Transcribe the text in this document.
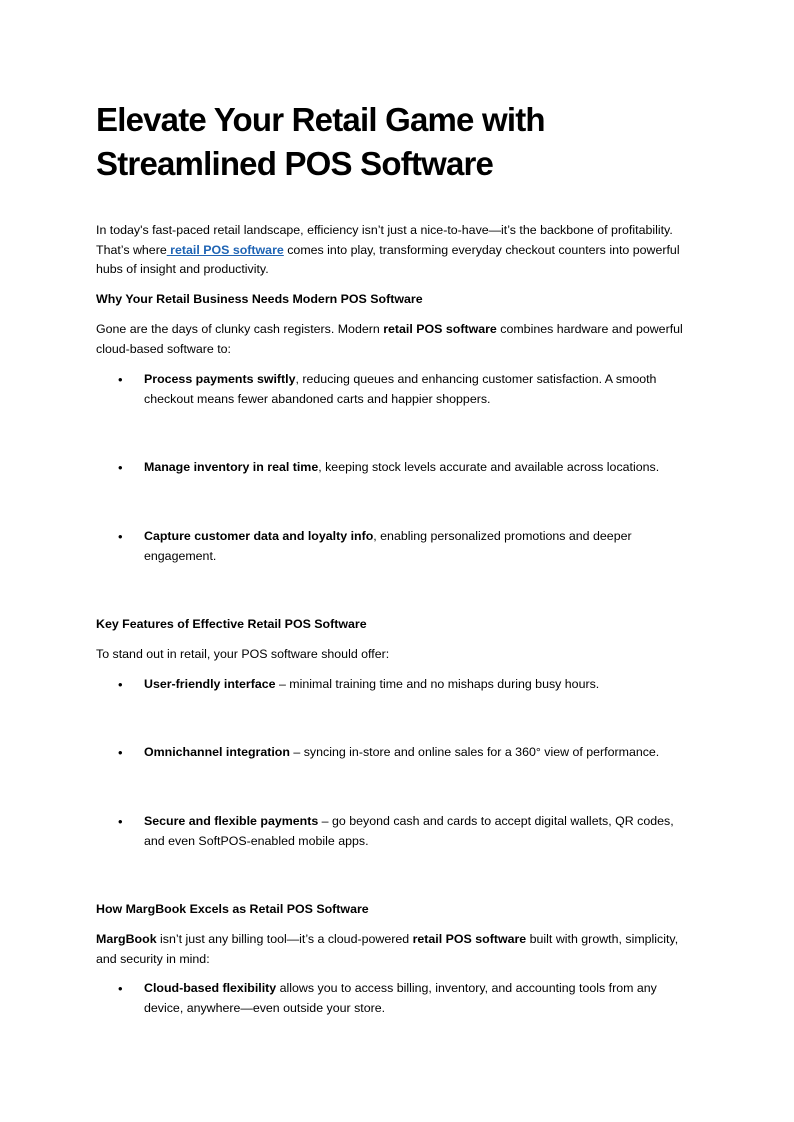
Elevate Your Retail Game with
Streamlined POS Software

In today's fast-paced retail landscape, efficiency isn’t just a nice-to-have—it’s the backbone of profitability. That’s where retail POS software comes into play, transforming everyday checkout counters into powerful hubs of insight and productivity.

Why Your Retail Business Needs Modern POS Software

Gone are the days of clunky cash registers. Modern retail POS software combines hardware and powerful cloud-based software to:

• Process payments swiftly, reducing queues and enhancing customer satisfaction. A smooth checkout means fewer abandoned carts and happier shoppers.
• Manage inventory in real time, keeping stock levels accurate and available across locations.
• Capture customer data and loyalty info, enabling personalized promotions and deeper engagement.

Key Features of Effective Retail POS Software

To stand out in retail, your POS software should offer:

• User-friendly interface – minimal training time and no mishaps during busy hours.
• Omnichannel integration – syncing in-store and online sales for a 360° view of performance.
• Secure and flexible payments – go beyond cash and cards to accept digital wallets, QR codes, and even SoftPOS-enabled mobile apps.

How MargBook Excels as Retail POS Software

MargBook isn’t just any billing tool—it’s a cloud-powered retail POS software built with growth, simplicity, and security in mind:

• Cloud-based flexibility allows you to access billing, inventory, and accounting tools from any device, anywhere—even outside your store.
